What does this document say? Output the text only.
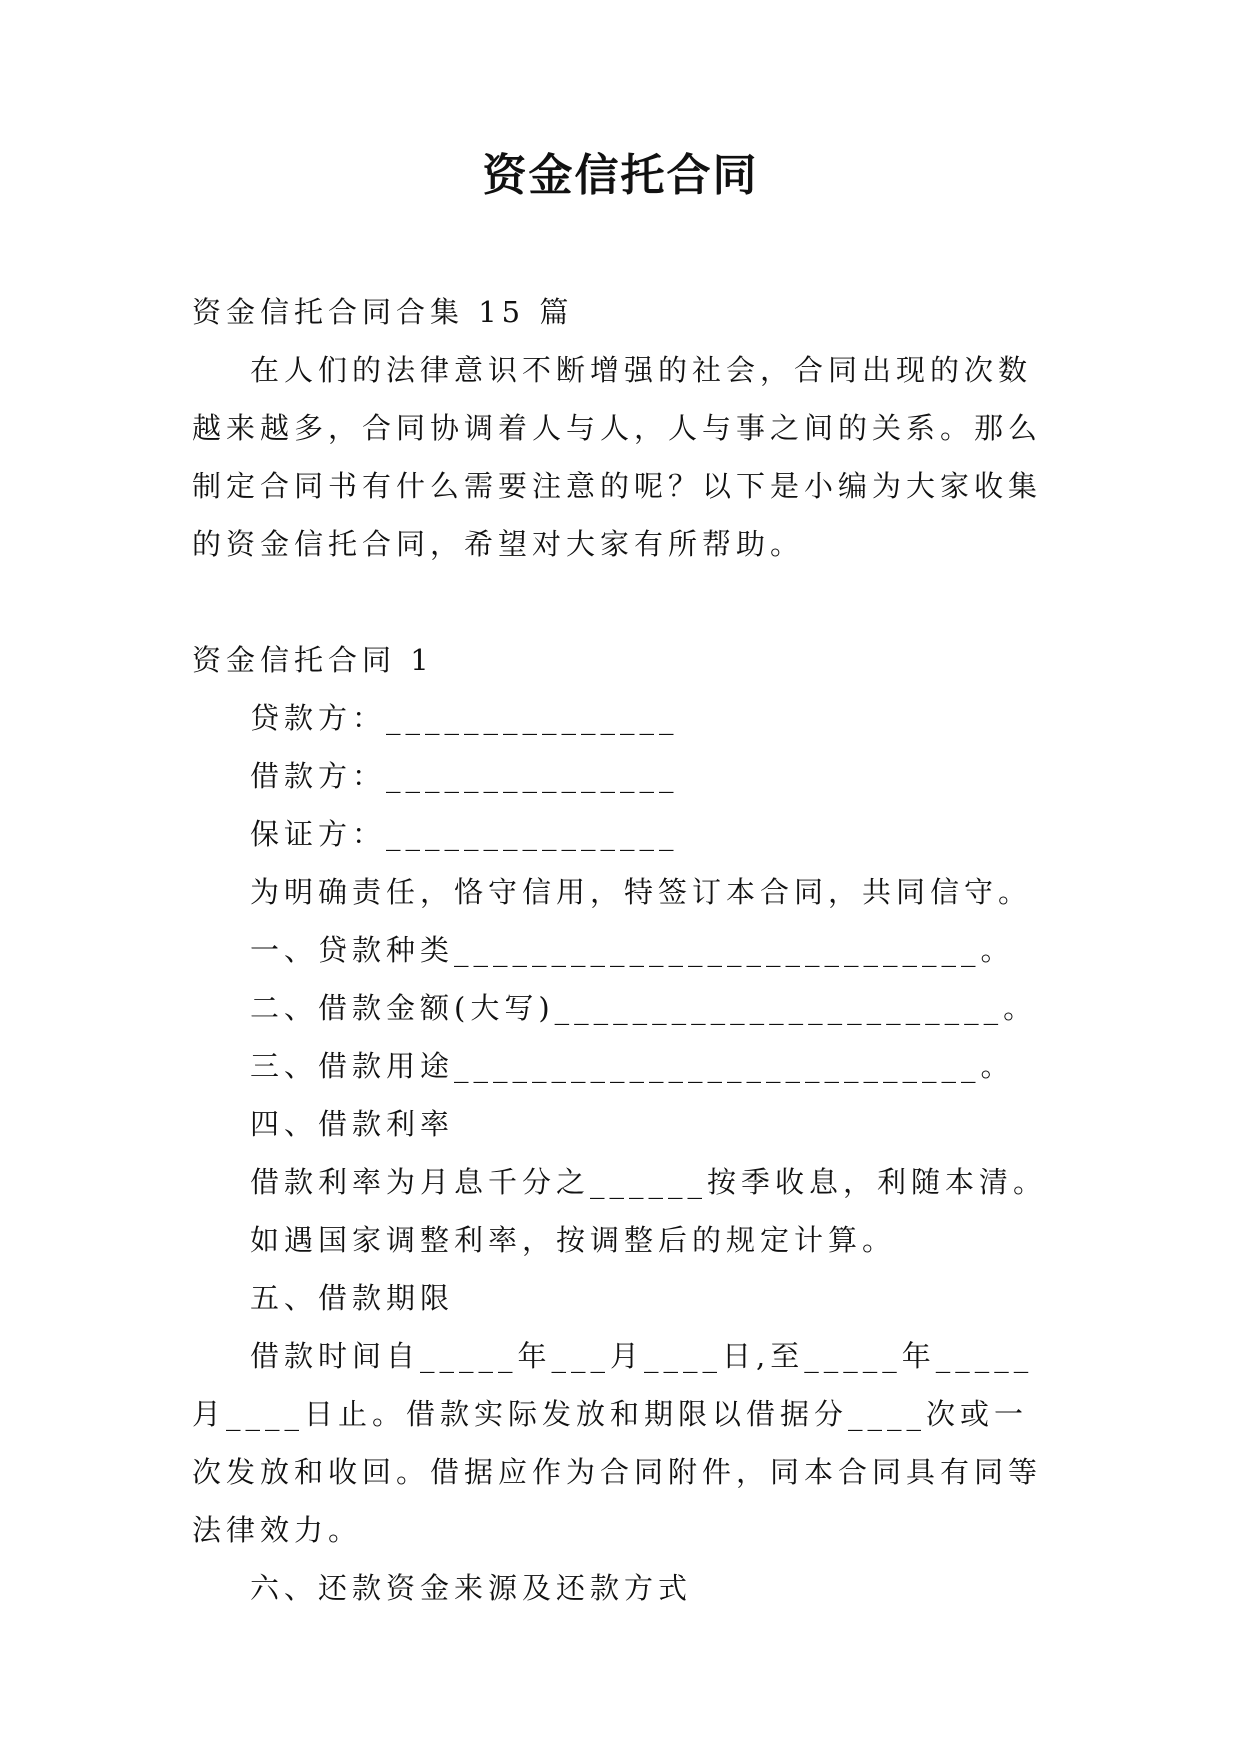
资金信托合同

资金信托合同合集 15 篇

在人们的法律意识不断增强的社会，合同出现的次数越来越多，合同协调着人与人，人与事之间的关系。那么制定合同书有什么需要注意的呢？以下是小编为大家收集的资金信托合同，希望对大家有所帮助。

资金信托合同 1

贷款方：_______________

借款方：_______________

保证方：_______________

为明确责任，恪守信用，特签订本合同，共同信守。

一、贷款种类___________________________。

二、借款金额(大写)_______________________。

三、借款用途___________________________。

四、借款利率

借款利率为月息千分之______按季收息，利随本清。

如遇国家调整利率，按调整后的规定计算。

五、借款期限

借款时间自_____年___月____日,至_____年_____月____日止。借款实际发放和期限以借据分____次或一次发放和收回。借据应作为合同附件，同本合同具有同等法律效力。

六、还款资金来源及还款方式
